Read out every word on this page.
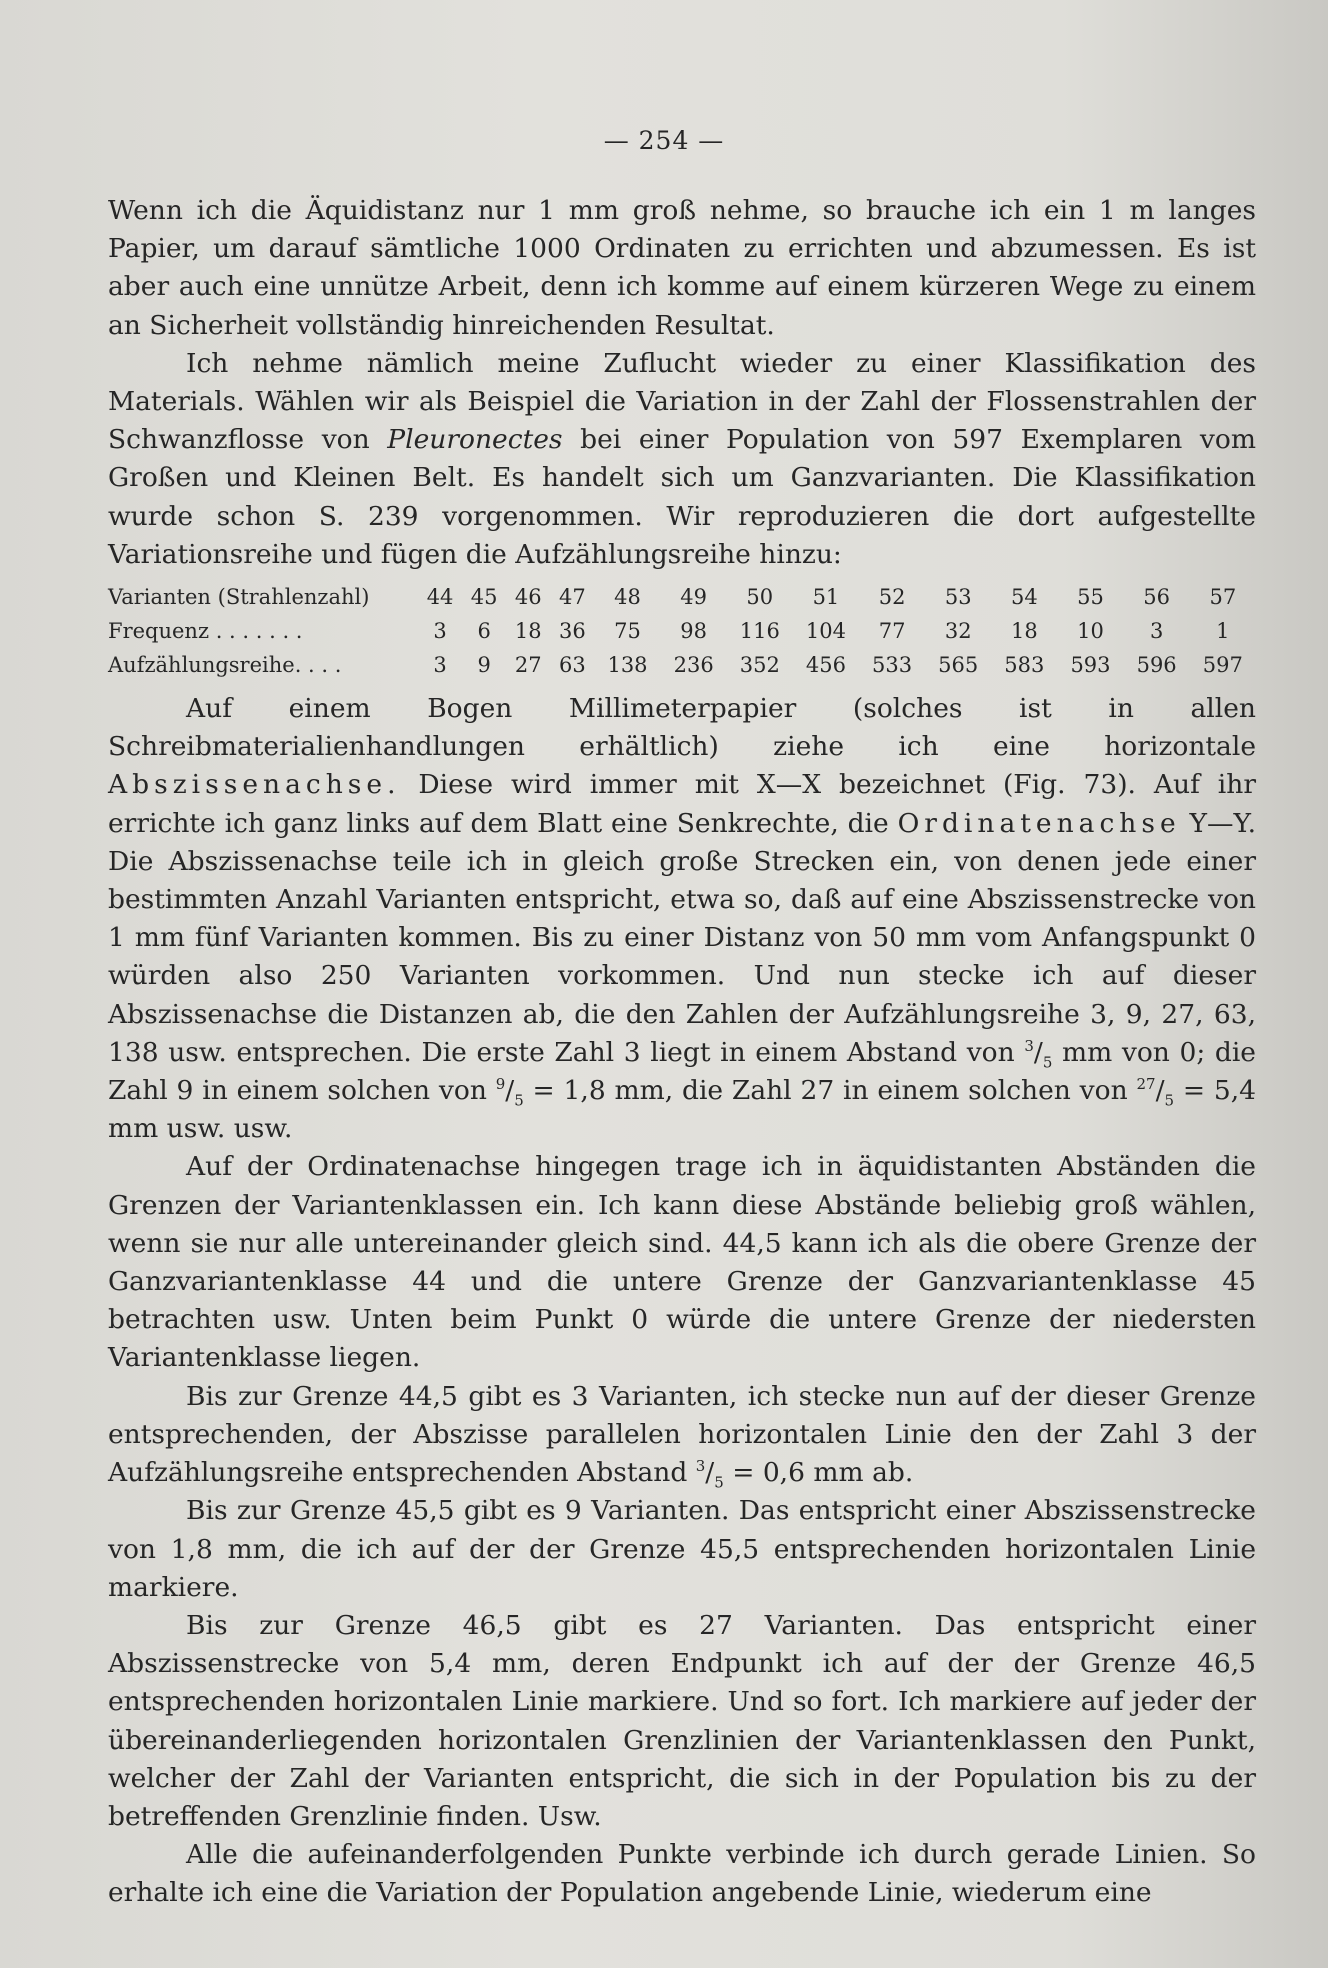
— 254 —

Wenn ich die Äquidistanz nur 1 mm groß nehme, so brauche ich ein 1 m langes Papier, um darauf sämtliche 1000 Ordinaten zu errichten und abzumessen. Es ist aber auch eine unnütze Arbeit, denn ich komme auf einem kürzeren Wege zu einem an Sicherheit vollständig hinreichenden Resultat.

Ich nehme nämlich meine Zuflucht wieder zu einer Klassifikation des Materials. Wählen wir als Beispiel die Variation in der Zahl der Flossenstrahlen der Schwanzflosse von Pleuronectes bei einer Population von 597 Exemplaren vom Großen und Kleinen Belt. Es handelt sich um Ganzvarianten. Die Klassifikation wurde schon S. 239 vorgenommen. Wir reproduzieren die dort aufgestellte Variationsreihe und fügen die Aufzählungsreihe hinzu:

Varianten (Strahlenzahl)	44	45	46	47	48	49	50	51	52	53	54	55	56	57
Frequenz . . . . . . .	3	6	18	36	75	98	116	104	77	32	18	10	3	1
Aufzählungsreihe. . . .	3	9	27	63	138	236	352	456	533	565	583	593	596	597

Auf einem Bogen Millimeterpapier (solches ist in allen Schreibmaterialienhandlungen erhältlich) ziehe ich eine horizontale Abszissenachse. Diese wird immer mit X—X bezeichnet (Fig. 73). Auf ihr errichte ich ganz links auf dem Blatt eine Senkrechte, die Ordinatenachse Y—Y. Die Abszissenachse teile ich in gleich große Strecken ein, von denen jede einer bestimmten Anzahl Varianten entspricht, etwa so, daß auf eine Abszissenstrecke von 1 mm fünf Varianten kommen. Bis zu einer Distanz von 50 mm vom Anfangspunkt 0 würden also 250 Varianten vorkommen. Und nun stecke ich auf dieser Abszissenachse die Distanzen ab, die den Zahlen der Aufzählungsreihe 3, 9, 27, 63, 138 usw. entsprechen. Die erste Zahl 3 liegt in einem Abstand von $^3/_5$ mm von 0; die Zahl 9 in einem solchen von $^9/_5 = 1,8$ mm, die Zahl 27 in einem solchen von $^{27}/_5 = 5,4$ mm usw. usw.

Auf der Ordinatenachse hingegen trage ich in äquidistanten Abständen die Grenzen der Variantenklassen ein. Ich kann diese Abstände beliebig groß wählen, wenn sie nur alle untereinander gleich sind. 44,5 kann ich als die obere Grenze der Ganzvariantenklasse 44 und die untere Grenze der Ganzvariantenklasse 45 betrachten usw. Unten beim Punkt 0 würde die untere Grenze der niedersten Variantenklasse liegen.

Bis zur Grenze 44,5 gibt es 3 Varianten, ich stecke nun auf der dieser Grenze entsprechenden, der Abszisse parallelen horizontalen Linie den der Zahl 3 der Aufzählungsreihe entsprechenden Abstand $^3/_5 = 0,6$ mm ab.

Bis zur Grenze 45,5 gibt es 9 Varianten. Das entspricht einer Abszissenstrecke von 1,8 mm, die ich auf der der Grenze 45,5 entsprechenden horizontalen Linie markiere.

Bis zur Grenze 46,5 gibt es 27 Varianten. Das entspricht einer Abszissenstrecke von 5,4 mm, deren Endpunkt ich auf der der Grenze 46,5 entsprechenden horizontalen Linie markiere. Und so fort. Ich markiere auf jeder der übereinanderliegenden horizontalen Grenzlinien der Variantenklassen den Punkt, welcher der Zahl der Varianten entspricht, die sich in der Population bis zu der betreffenden Grenzlinie finden. Usw.

Alle die aufeinanderfolgenden Punkte verbinde ich durch gerade Linien. So erhalte ich eine die Variation der Population angebende Linie, wiederum eine
